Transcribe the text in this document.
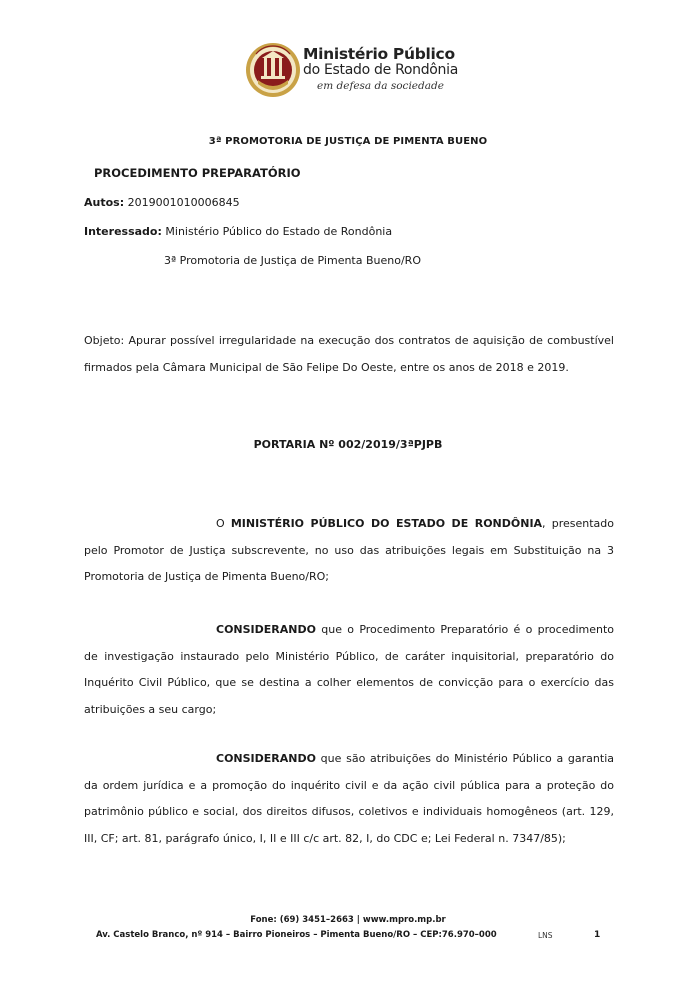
Ministério Público
do Estado de Rondônia
em defesa da sociedade
3ª PROMOTORIA DE JUSTIÇA DE PIMENTA BUENO
PROCEDIMENTO PREPARATÓRIO
Autos: 2019001010006845
Interessado: Ministério Público do Estado de Rondônia
3ª Promotoria de Justiça de Pimenta Bueno/RO
Objeto: Apurar possível irregularidade na execução dos contratos de aquisição de combustível firmados pela Câmara Municipal de São Felipe Do Oeste, entre os anos de 2018 e 2019.
PORTARIA Nº 002/2019/3ªPJPB
O MINISTÉRIO PÚBLICO DO ESTADO DE RONDÔNIA, presentado pelo Promotor de Justiça subscrevente, no uso das atribuições legais em Substituição na 3 Promotoria de Justiça de Pimenta Bueno/RO;
CONSIDERANDO que o Procedimento Preparatório é o procedimento de investigação instaurado pelo Ministério Público, de caráter inquisitorial, preparatório do Inquérito Civil Público, que se destina a colher elementos de convicção para o exercício das atribuições a seu cargo;
CONSIDERANDO que são atribuições do Ministério Público a garantia da ordem jurídica e a promoção do inquérito civil e da ação civil pública para a proteção do patrimônio público e social, dos direitos difusos, coletivos e individuais homogêneos (art. 129, III, CF; art. 81, parágrafo único, I, II e III c/c art. 82, I, do CDC e; Lei Federal n. 7347/85);
Fone: (69) 3451–2663 | www.mpro.mp.br
Av. Castelo Branco, nº 914 – Bairro Pioneiros – Pimenta Bueno/RO – CEP:76.970–000	LNS	1
